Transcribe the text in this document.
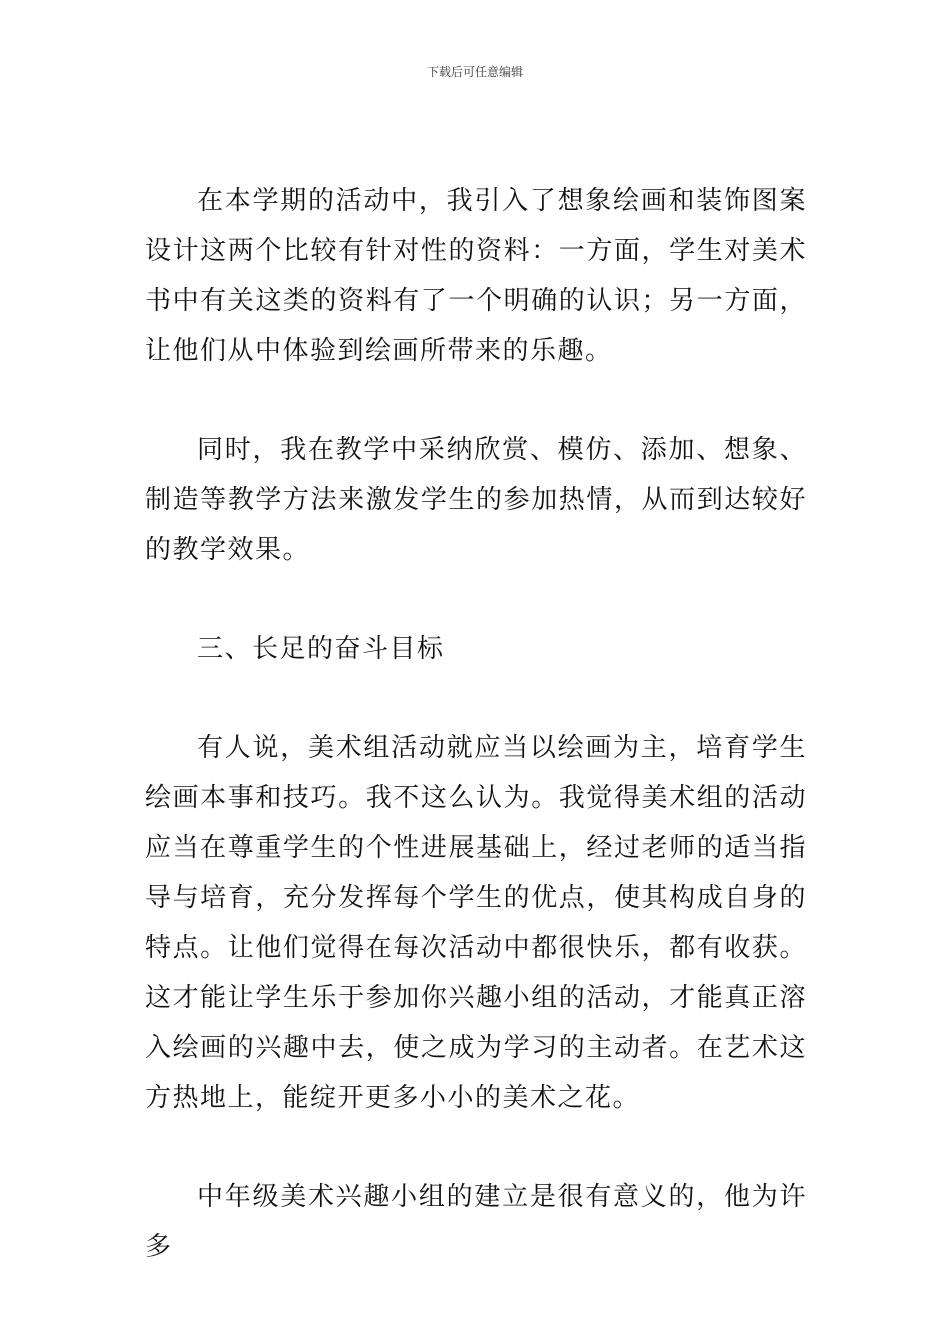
下载后可任意编辑

在本学期的活动中，我引入了想象绘画和装饰图案设计这两个比较有针对性的资料：一方面，学生对美术书中有关这类的资料有了一个明确的认识；另一方面，让他们从中体验到绘画所带来的乐趣。

同时，我在教学中采纳欣赏、模仿、添加、想象、制造等教学方法来激发学生的参加热情，从而到达较好的教学效果。

三、长足的奋斗目标

有人说，美术组活动就应当以绘画为主，培育学生绘画本事和技巧。我不这么认为。我觉得美术组的活动应当在尊重学生的个性进展基础上，经过老师的适当指导与培育，充分发挥每个学生的优点，使其构成自身的特点。让他们觉得在每次活动中都很快乐，都有收获。这才能让学生乐于参加你兴趣小组的活动，才能真正溶入绘画的兴趣中去，使之成为学习的主动者。在艺术这方热地上，能绽开更多小小的美术之花。

中年级美术兴趣小组的建立是很有意义的，他为许多
